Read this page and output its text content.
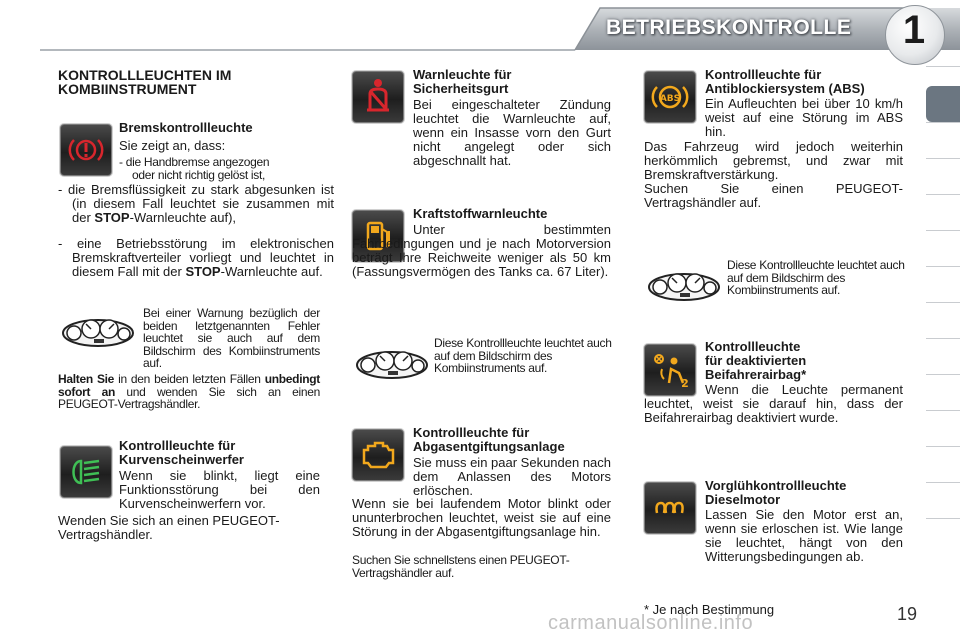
BETRIEBSKONTROLLE	1
KONTROLLLEUCHTEN IM
KOMBIINSTRUMENT
Bremskontrollleuchte
Sie zeigt an, dass:
- die Handbremse angezogen
oder nicht richtig gelöst ist,
- die Bremsflüssigkeit zu stark abgesunken ist (in diesem Fall leuchtet sie zusammen mit der STOP-Warnleuchte auf),
- eine Betriebsstörung im elektronischen Bremskraftverteiler vorliegt und leuchtet in diesem Fall mit der STOP-Warnleuchte auf.
Bei einer Warnung bezüglich der beiden letztgenannten Fehler leuchtet sie auch auf dem Bildschirm des Kombiinstruments auf.
Halten Sie in den beiden letzten Fällen unbedingt sofort an und wenden Sie sich an einen PEUGEOT-Vertragshändler.
Kontrollleuchte für
Kurvenscheinwerfer
Wenn sie blinkt, liegt eine Funktionsstörung bei den Kurvenscheinwerfern vor.
Wenden Sie sich an einen PEUGEOT-Vertragshändler.
Warnleuchte für
Sicherheitsgurt
Bei eingeschalteter Zündung leuchtet die Warnleuchte auf, wenn ein Insasse vorn den Gurt nicht angelegt oder sich abgeschnallt hat.
Kraftstoffwarnleuchte
Unter bestimmten Fahrbedingungen und je nach Motorversion beträgt Ihre Reichweite weniger als 50 km (Fassungsvermögen des Tanks ca. 67 Liter).
Diese Kontrollleuchte leuchtet auch auf dem Bildschirm des Kombiinstruments auf.
Kontrollleuchte für
Abgasentgiftungsanlage
Sie muss ein paar Sekunden nach dem Anlassen des Motors erlöschen.
Wenn sie bei laufendem Motor blinkt oder ununterbrochen leuchtet, weist sie auf eine Störung in der Abgasentgiftungsanlage hin.
Suchen Sie schnellstens einen PEUGEOT-Vertragshändler auf.
ABS
Kontrollleuchte für
Antiblockiersystem (ABS)
Ein Aufleuchten bei über 10 km/h weist auf eine Störung im ABS hin.
Das Fahrzeug wird jedoch weiterhin herkömmlich gebremst, und zwar mit Bremskraftverstärkung.
Suchen Sie einen PEUGEOT-Vertragshändler auf.
Diese Kontrollleuchte leuchtet auch auf dem Bildschirm des Kombiinstruments auf.
2
Kontrollleuchte
für deaktivierten
Beifahrerairbag*
Wenn die Leuchte permanent leuchtet, weist sie darauf hin, dass der Beifahrerairbag deaktiviert wurde.
Vorglühkontrollleuchte
Dieselmotor
Lassen Sie den Motor erst an, wenn sie erloschen ist. Wie lange sie leuchtet, hängt von den Witterungsbedingungen ab.
carmanualsonline.info
* Je nach Bestimmung	19
